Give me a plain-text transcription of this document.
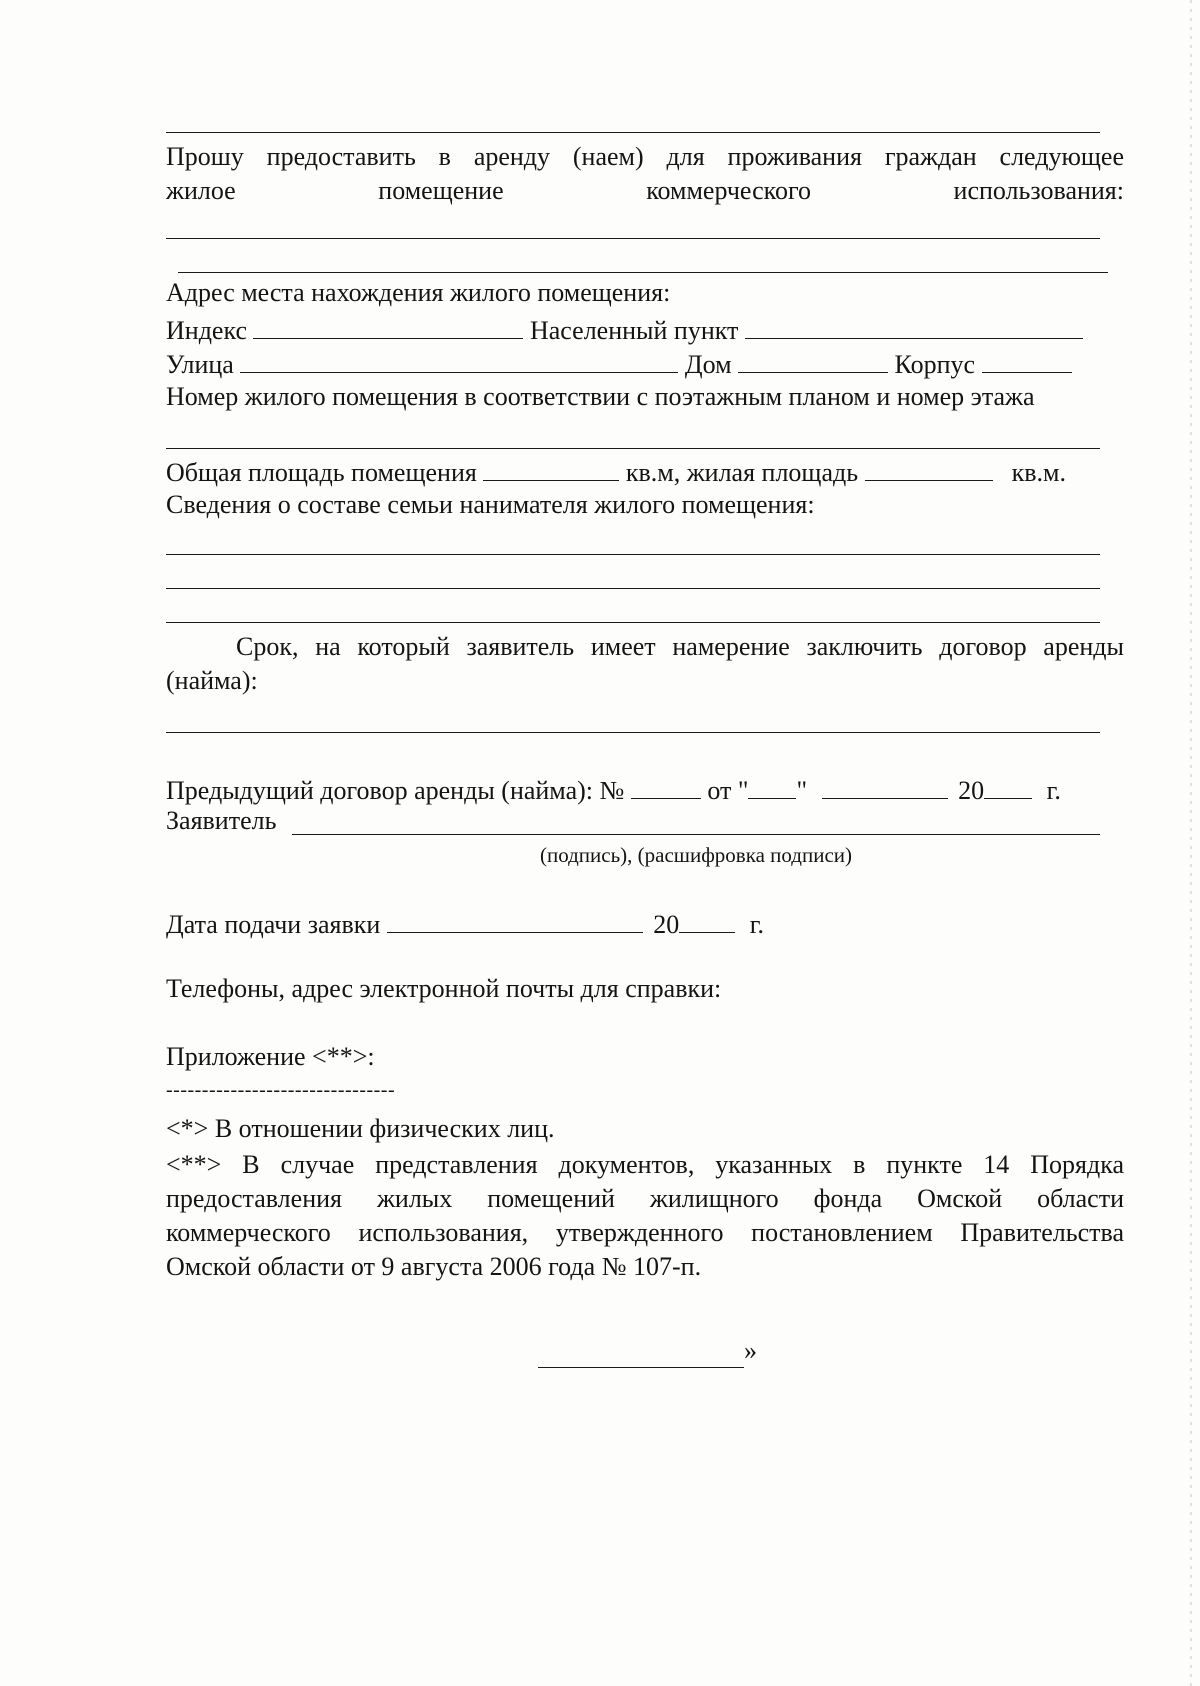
Прошу предоставить в аренду (наем) для проживания граждан следующее

жилое помещение коммерческого использования:

Адрес места нахождения жилого помещения:

Индекс	Населенный пункт

Улица	Дом	Корпус

Номер жилого помещения в соответствии с поэтажным планом и номер этажа

Общая площадь помещения	кв.м, жилая площадь	кв.м.

Сведения о составе семьи нанимателя жилого помещения:

Срок, на который заявитель имеет намерение заключить договор аренды

(найма):

Предыдущий договор аренды (найма): №	от " "	20 г.

Заявитель

(подпись), (расшифровка подписи)

Дата подачи заявки	20	г.

Телефоны, адрес электронной почты для справки:

Приложение <**>:

--------------------------------

<*> В отношении физических лиц.

<**> В случае представления документов, указанных в пункте 14 Порядка предоставления жилых помещений жилищного фонда Омской области коммерческого использования, утвержденного постановлением Правительства Омской области от 9 августа 2006 года № 107-п.

»
